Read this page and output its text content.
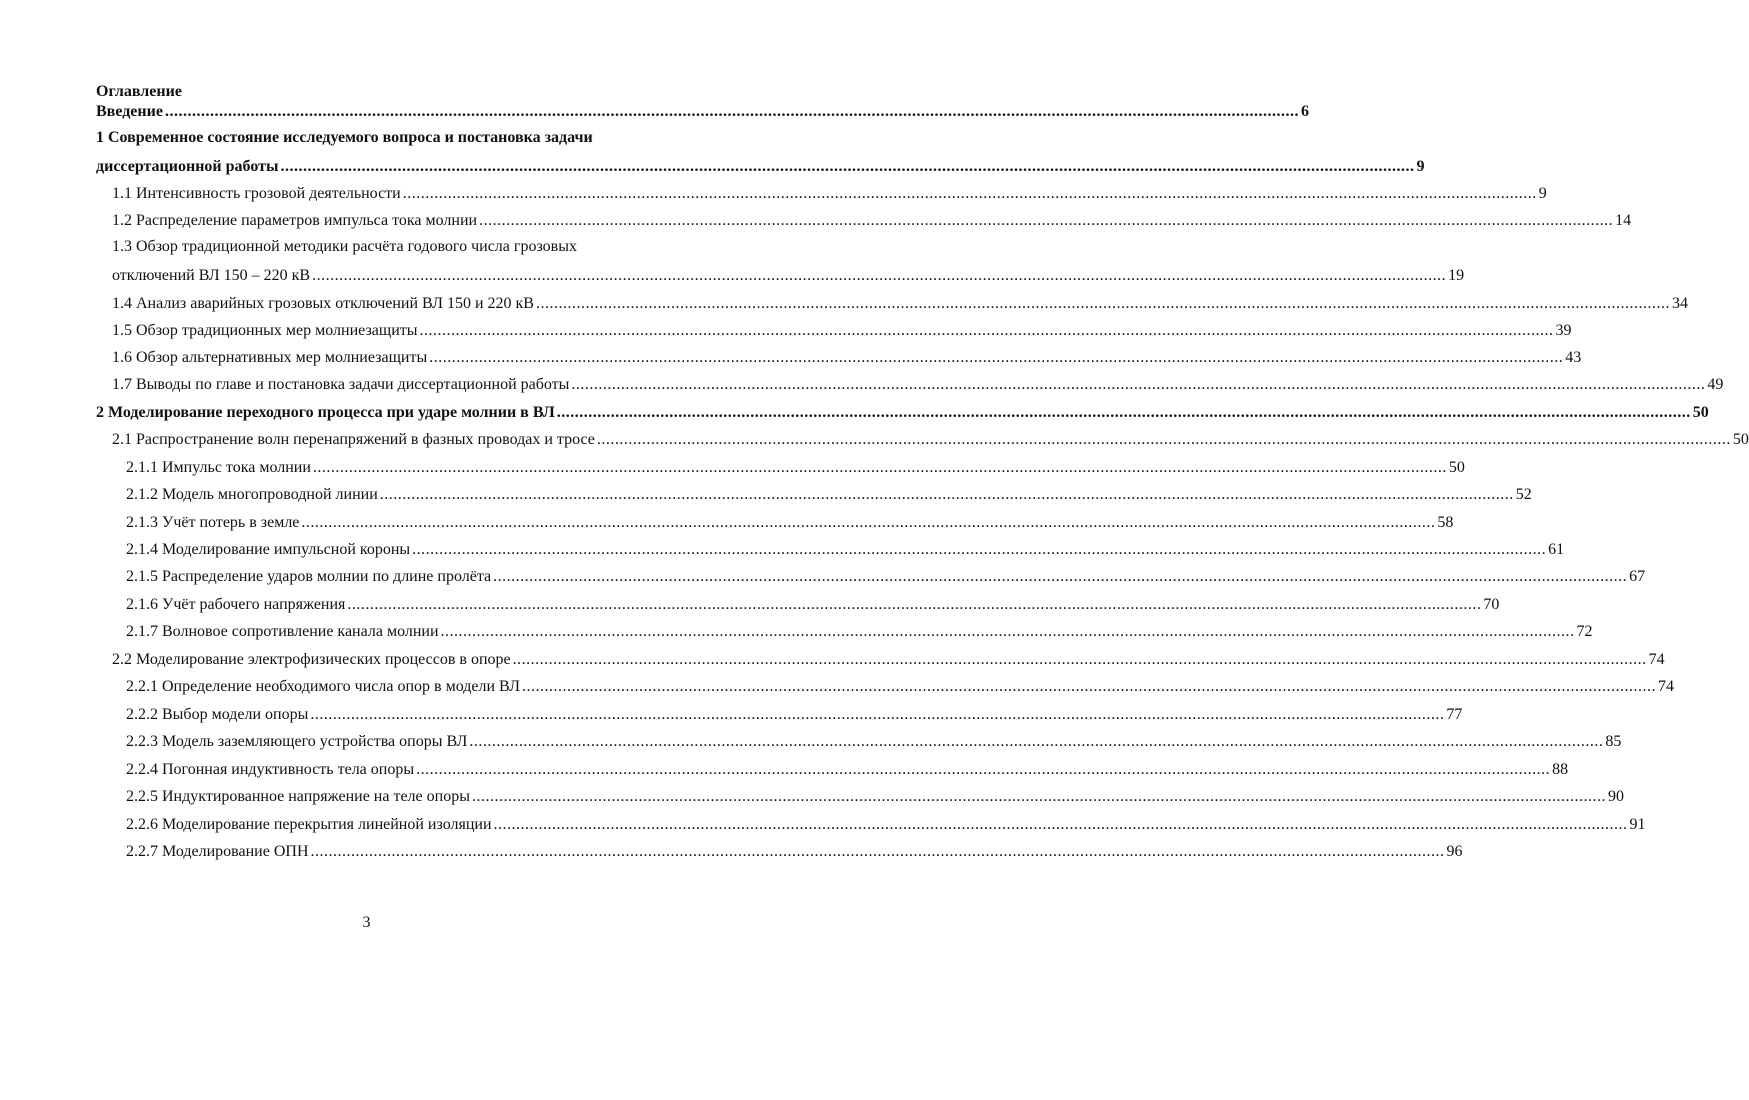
Оглавление
Введение ............................................................................................................................................................................................................................................................ 6
1 Современное состояние исследуемого вопроса и постановка задачи
диссертационной работы ............................................................................................................................................................................................................................................................ 9
1.1 Интенсивность грозовой деятельности ............................................................................................................................................................................................................................................................ 9
1.2 Распределение параметров импульса тока молнии ............................................................................................................................................................................................................................................................ 14
1.3 Обзор традиционной методики расчёта годового числа грозовых
отключений ВЛ 150 – 220 кВ ............................................................................................................................................................................................................................................................ 19
1.4 Анализ аварийных грозовых отключений ВЛ 150 и 220 кВ ............................................................................................................................................................................................................................................................ 34
1.5 Обзор традиционных мер молниезащиты ............................................................................................................................................................................................................................................................ 39
1.6 Обзор альтернативных мер молниезащиты ............................................................................................................................................................................................................................................................ 43
1.7 Выводы по главе и постановка задачи диссертационной работы ............................................................................................................................................................................................................................................................ 49
2 Моделирование переходного процесса при ударе молнии в ВЛ ............................................................................................................................................................................................................................................................ 50
2.1 Распространение волн перенапряжений в фазных проводах и тросе ............................................................................................................................................................................................................................................................ 50
2.1.1 Импульс тока молнии ............................................................................................................................................................................................................................................................ 50
2.1.2 Модель многопроводной линии ............................................................................................................................................................................................................................................................ 52
2.1.3 Учёт потерь в земле ............................................................................................................................................................................................................................................................ 58
2.1.4 Моделирование импульсной короны ............................................................................................................................................................................................................................................................ 61
2.1.5 Распределение ударов молнии по длине пролёта ............................................................................................................................................................................................................................................................ 67
2.1.6 Учёт рабочего напряжения ............................................................................................................................................................................................................................................................ 70
2.1.7 Волновое сопротивление канала молнии ............................................................................................................................................................................................................................................................ 72
2.2 Моделирование электрофизических процессов в опоре ............................................................................................................................................................................................................................................................ 74
2.2.1 Определение необходимого числа опор в модели ВЛ ............................................................................................................................................................................................................................................................ 74
2.2.2 Выбор модели опоры ............................................................................................................................................................................................................................................................ 77
2.2.3 Модель заземляющего устройства опоры ВЛ ............................................................................................................................................................................................................................................................ 85
2.2.4 Погонная индуктивность тела опоры ............................................................................................................................................................................................................................................................ 88
2.2.5 Индуктированное напряжение на теле опоры ............................................................................................................................................................................................................................................................ 90
2.2.6 Моделирование перекрытия линейной изоляции ............................................................................................................................................................................................................................................................ 91
2.2.7 Моделирование ОПН ............................................................................................................................................................................................................................................................ 96
3
